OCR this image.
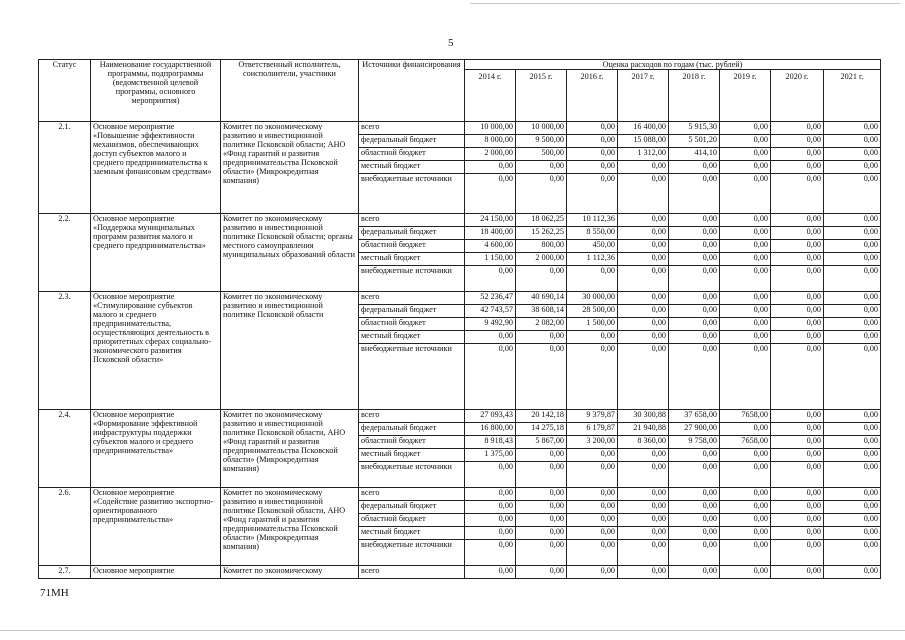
5
Статус	Наименование государственной программы, подпрограммы (ведомственной целевой программы, основного мероприятия)	Ответственный исполнитель, соисполнители, участники	Источники финансирования	Оценка расходов по годам (тыс. рублей)							
				2014 г.	2015 г.	2016 г.	2017 г.	2018 г.	2019 г.	2020 г.	2021 г.
2.1.	Основное мероприятие «Повышение эффективности механизмов, обеспечивающих доступ субъектов малого и среднего предпринимательства к заемным финансовым средствам»	Комитет по экономическому развитию и инвестиционной политике Псковской области; АНО «Фонд гарантий и развития предпринимательства Псковской области» (Микрокредитная компания)	всего	10 000,00	10 000,00	0,00	16 400,00	5 915,30	0,00	0,00	0,00
			федеральный бюджет	8 000,00	9 500,00	0,00	15 088,00	5 501,20	0,00	0,00	0,00
			областной бюджет	2 000,00	500,00	0,00	1 312,00	414,10	0,00	0,00	0,00
			местный бюджет	0,00	0,00	0,00	0,00	0,00	0,00	0,00	0,00
			внебюджетные источники	0,00	0,00	0,00	0,00	0,00	0,00	0,00	0,00
2.2.	Основное мероприятие «Поддержка муниципальных программ развития малого и среднего предпринимательства»	Комитет по экономическому развитию и инвестиционной политике Псковской области; органы местного самоуправления муниципальных образований области	всего	24 150,00	18 062,25	10 112,36	0,00	0,00	0,00	0,00	0,00
			федеральный бюджет	18 400,00	15 262,25	8 550,00	0,00	0,00	0,00	0,00	0,00
			областной бюджет	4 600,00	800,00	450,00	0,00	0,00	0,00	0,00	0,00
			местный бюджет	1 150,00	2 000,00	1 112,36	0,00	0,00	0,00	0,00	0,00
			внебюджетные источники	0,00	0,00	0,00	0,00	0,00	0,00	0,00	0,00
2.3.	Основное мероприятие «Стимулирование субъектов малого и среднего предпринимательства, осуществляющих деятельность в приоритетных сферах социально-экономического развития Псковской области»	Комитет по экономическому развитию и инвестиционной политике Псковской области	всего	52 236,47	40 690,14	30 000,00	0,00	0,00	0,00	0,00	0,00
			федеральный бюджет	42 743,57	38 608,14	28 500,00	0,00	0,00	0,00	0,00	0,00
			областной бюджет	9 492,90	2 082,00	1 500,00	0,00	0,00	0,00	0,00	0,00
			местный бюджет	0,00	0,00	0,00	0,00	0,00	0,00	0,00	0,00
			внебюджетные источники	0,00	0,00	0,00	0,00	0,00	0,00	0,00	0,00
2.4.	Основное мероприятие «Формирование эффективной инфраструктуры поддержки субъектов малого и среднего предпринимательства»	Комитет по экономическому развитию и инвестиционной политике Псковской области, АНО «Фонд гарантий и развития предпринимательства Псковской области» (Микрокредитная компания)	всего	27 093,43	20 142,18	9 379,87	30 300,88	37 658,00	7658,00	0,00	0,00
			федеральный бюджет	16 800,00	14 275,18	6 179,87	21 940,88	27 900,00	0,00	0,00	0,00
			областной бюджет	8 918,43	5 867,00	3 200,00	8 360,00	9 758,00	7658,00	0,00	0,00
			местный бюджет	1 375,00	0,00	0,00	0,00	0,00	0,00	0,00	0,00
			внебюджетные источники	0,00	0,00	0,00	0,00	0,00	0,00	0,00	0,00
2.6.	Основное мероприятие «Содействие развитию экспортно-ориентированного предпринимательства»	Комитет по экономическому развитию и инвестиционной политике Псковской области, АНО «Фонд гарантий и развития предпринимательства Псковской области» (Микрокредитная компания)	всего	0,00	0,00	0,00	0,00	0,00	0,00	0,00	0,00
			федеральный бюджет	0,00	0,00	0,00	0,00	0,00	0,00	0,00	0,00
			областной бюджет	0,00	0,00	0,00	0,00	0,00	0,00	0,00	0,00
			местный бюджет	0,00	0,00	0,00	0,00	0,00	0,00	0,00	0,00
			внебюджетные источники	0,00	0,00	0,00	0,00	0,00	0,00	0,00	0,00
2.7.	Основное мероприятие	Комитет по экономическому	всего	0,00	0,00	0,00	0,00	0,00	0,00	0,00	0,00
71МН
